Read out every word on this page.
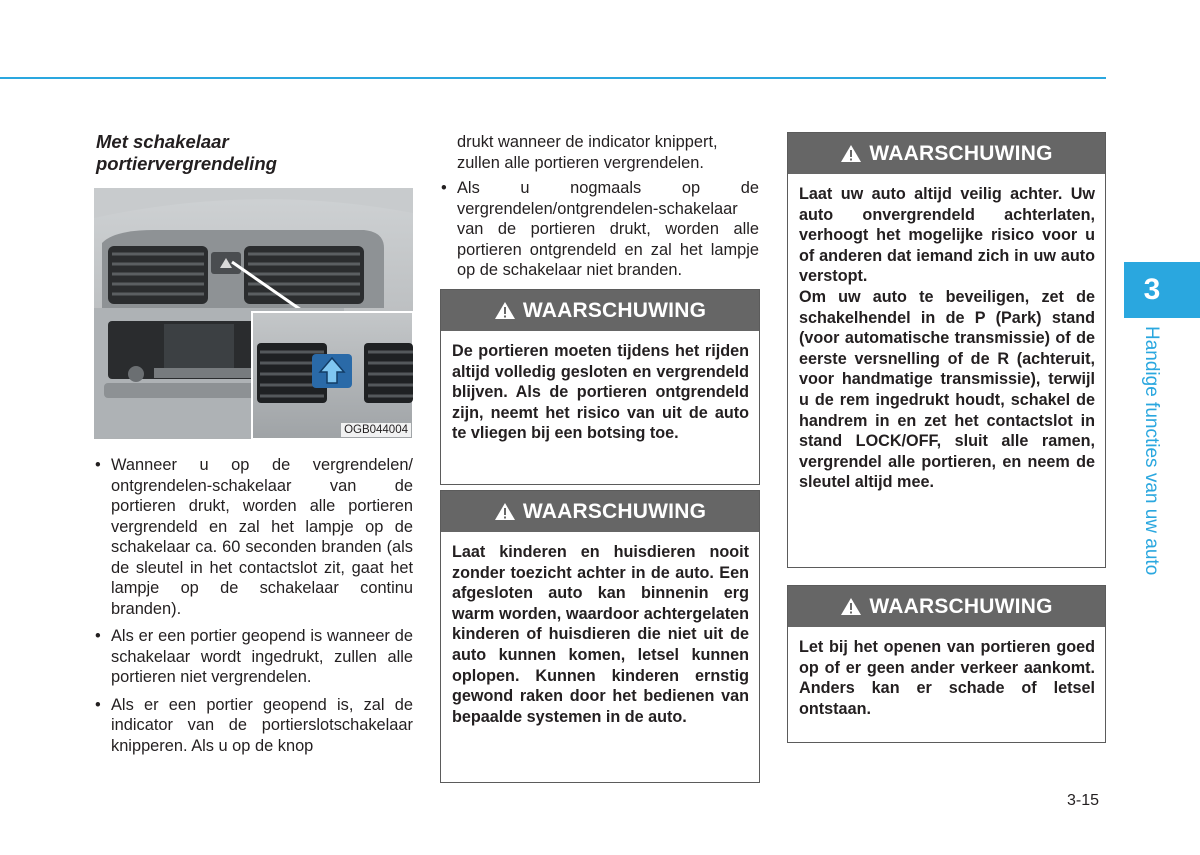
3
Handige functies van uw auto
Met schakelaar portiervergrendeling
OGB044004
• Wanneer u op de vergrendelen/ ontgrendelen-schakelaar van de portieren drukt, worden alle portieren vergrendeld en zal het lampje op de schakelaar ca. 60 seconden branden (als de sleutel in het contactslot zit, gaat het lampje op de schakelaar continu branden).
• Als er een portier geopend is wanneer de schakelaar wordt ingedrukt, zullen alle portieren niet vergrendelen.
• Als er een portier geopend is, zal de indicator van de portierslotschakelaar knipperen. Als u op de knop
drukt wanneer de indicator knippert, zullen alle portieren vergrendelen.
• Als u nogmaals op de vergrendelen/ontgrendelen-schakelaar van de portieren drukt, worden alle portieren ontgrendeld en zal het lampje op de schakelaar niet branden.
WAARSCHUWING
De portieren moeten tijdens het rijden altijd volledig gesloten en vergrendeld blijven. Als de portieren ontgrendeld zijn, neemt het risico van uit de auto te vliegen bij een botsing toe.
WAARSCHUWING
Laat kinderen en huisdieren nooit zonder toezicht achter in de auto. Een afgesloten auto kan binnenin erg warm worden, waardoor achtergelaten kinderen of huisdieren die niet uit de auto kunnen komen, letsel kunnen oplopen. Kunnen kinderen ernstig gewond raken door het bedienen van bepaalde systemen in de auto.
WAARSCHUWING
Laat uw auto altijd veilig achter. Uw auto onvergrendeld achterlaten, verhoogt het mogelijke risico voor u of anderen dat iemand zich in uw auto verstopt.
Om uw auto te beveiligen, zet de schakelhendel in de P (Park) stand (voor automatische transmissie) of de eerste versnelling of de R (achteruit, voor handmatige transmissie), terwijl u de rem ingedrukt houdt, schakel de handrem in en zet het contactslot in stand LOCK/OFF, sluit alle ramen, vergrendel alle portieren, en neem de sleutel altijd mee.
WAARSCHUWING
Let bij het openen van portieren goed op of er geen ander verkeer aankomt. Anders kan er schade of letsel ontstaan.
3-15
